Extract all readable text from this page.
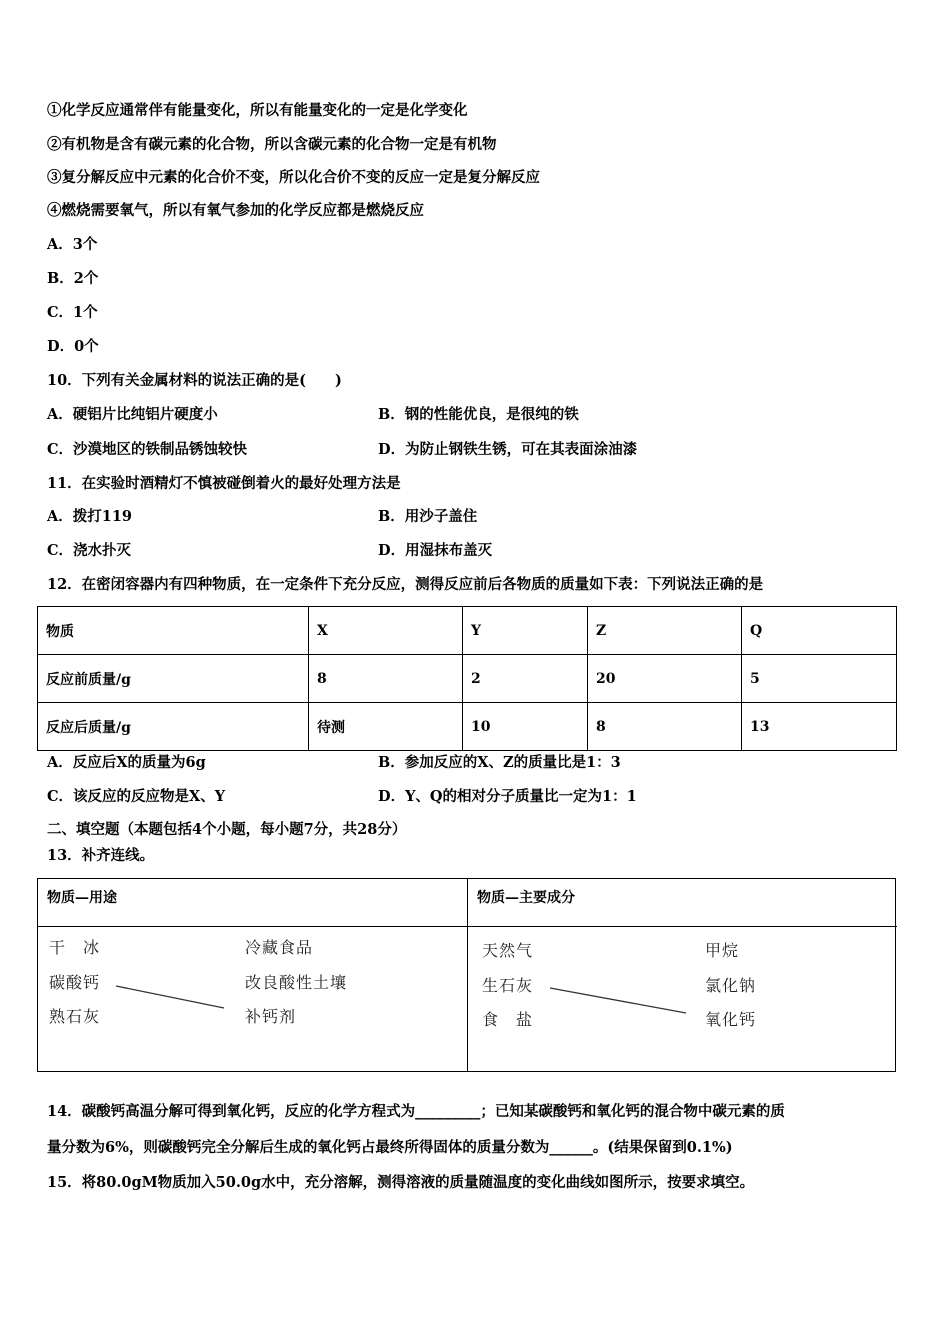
①化学反应通常伴有能量变化，所以有能量变化的一定是化学变化
②有机物是含有碳元素的化合物，所以含碳元素的化合物一定是有机物
③复分解反应中元素的化合价不变，所以化合价不变的反应一定是复分解反应
④燃烧需要氧气，所以有氧气参加的化学反应都是燃烧反应
A．3个
B．2个
C．1个
D．0个
10．下列有关金属材料的说法正确的是(　　)
A．硬铝片比纯铝片硬度小	B．钢的性能优良，是很纯的铁
C．沙漠地区的铁制品锈蚀较快	D．为防止钢铁生锈，可在其表面涂油漆
11．在实验时酒精灯不慎被碰倒着火的最好处理方法是
A．拨打119	B．用沙子盖住
C．浇水扑灭	D．用湿抹布盖灭
12．在密闭容器内有四种物质，在一定条件下充分反应，测得反应前后各物质的质量如下表：下列说法正确的是
物质	X	Y	Z	Q
反应前质量/g	8	2	20	5
反应后质量/g	待测	10	8	13
A．反应后X的质量为6g	B．参加反应的X、Z的质量比是1：3
C．该反应的反应物是X、Y	D．Y、Q的相对分子质量比一定为1：1
二、填空题（本题包括4个小题，每小题7分，共28分）
13．补齐连线。
物质—用途
干　冰
碳酸钙
熟石灰
冷藏食品
改良酸性土壤
补钙剂
物质—主要成分
天然气
生石灰
食　盐
甲烷
氯化钠
氧化钙
14．碳酸钙高温分解可得到氧化钙，反应的化学方程式为_________；已知某碳酸钙和氧化钙的混合物中碳元素的质
量分数为6%，则碳酸钙完全分解后生成的氧化钙占最终所得固体的质量分数为______。(结果保留到0.1%)
15．将80.0gM物质加入50.0g水中，充分溶解，测得溶液的质量随温度的变化曲线如图所示，按要求填空。
